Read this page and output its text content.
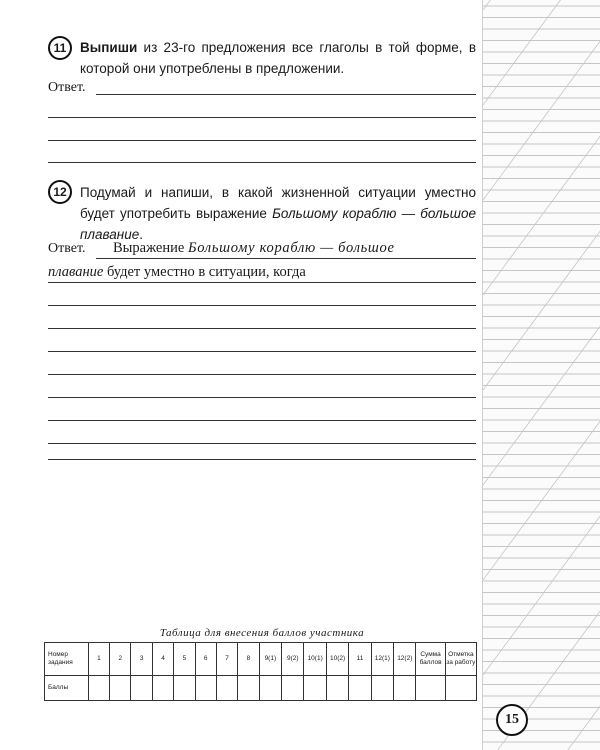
11	Выпиши из 23-го предложения все глаголы в той форме, в которой они употреблены в предложении.
Ответ.
12 Подумай и напиши, в какой жизненной ситуации уместно будет употребить выражение Большому кораблю — большое плавание.
Ответ. Выражение Большому кораблю — большое
плавание будет уместно в ситуации, когда
Таблица для внесения баллов участника
Номер задания	1	2	3	4	5	6	7	8	9(1)	9(2)	10(1)	10(2)	11	12(1)	12(2)	Сумма баллов	Отметка за работу
Баллы																	
15
